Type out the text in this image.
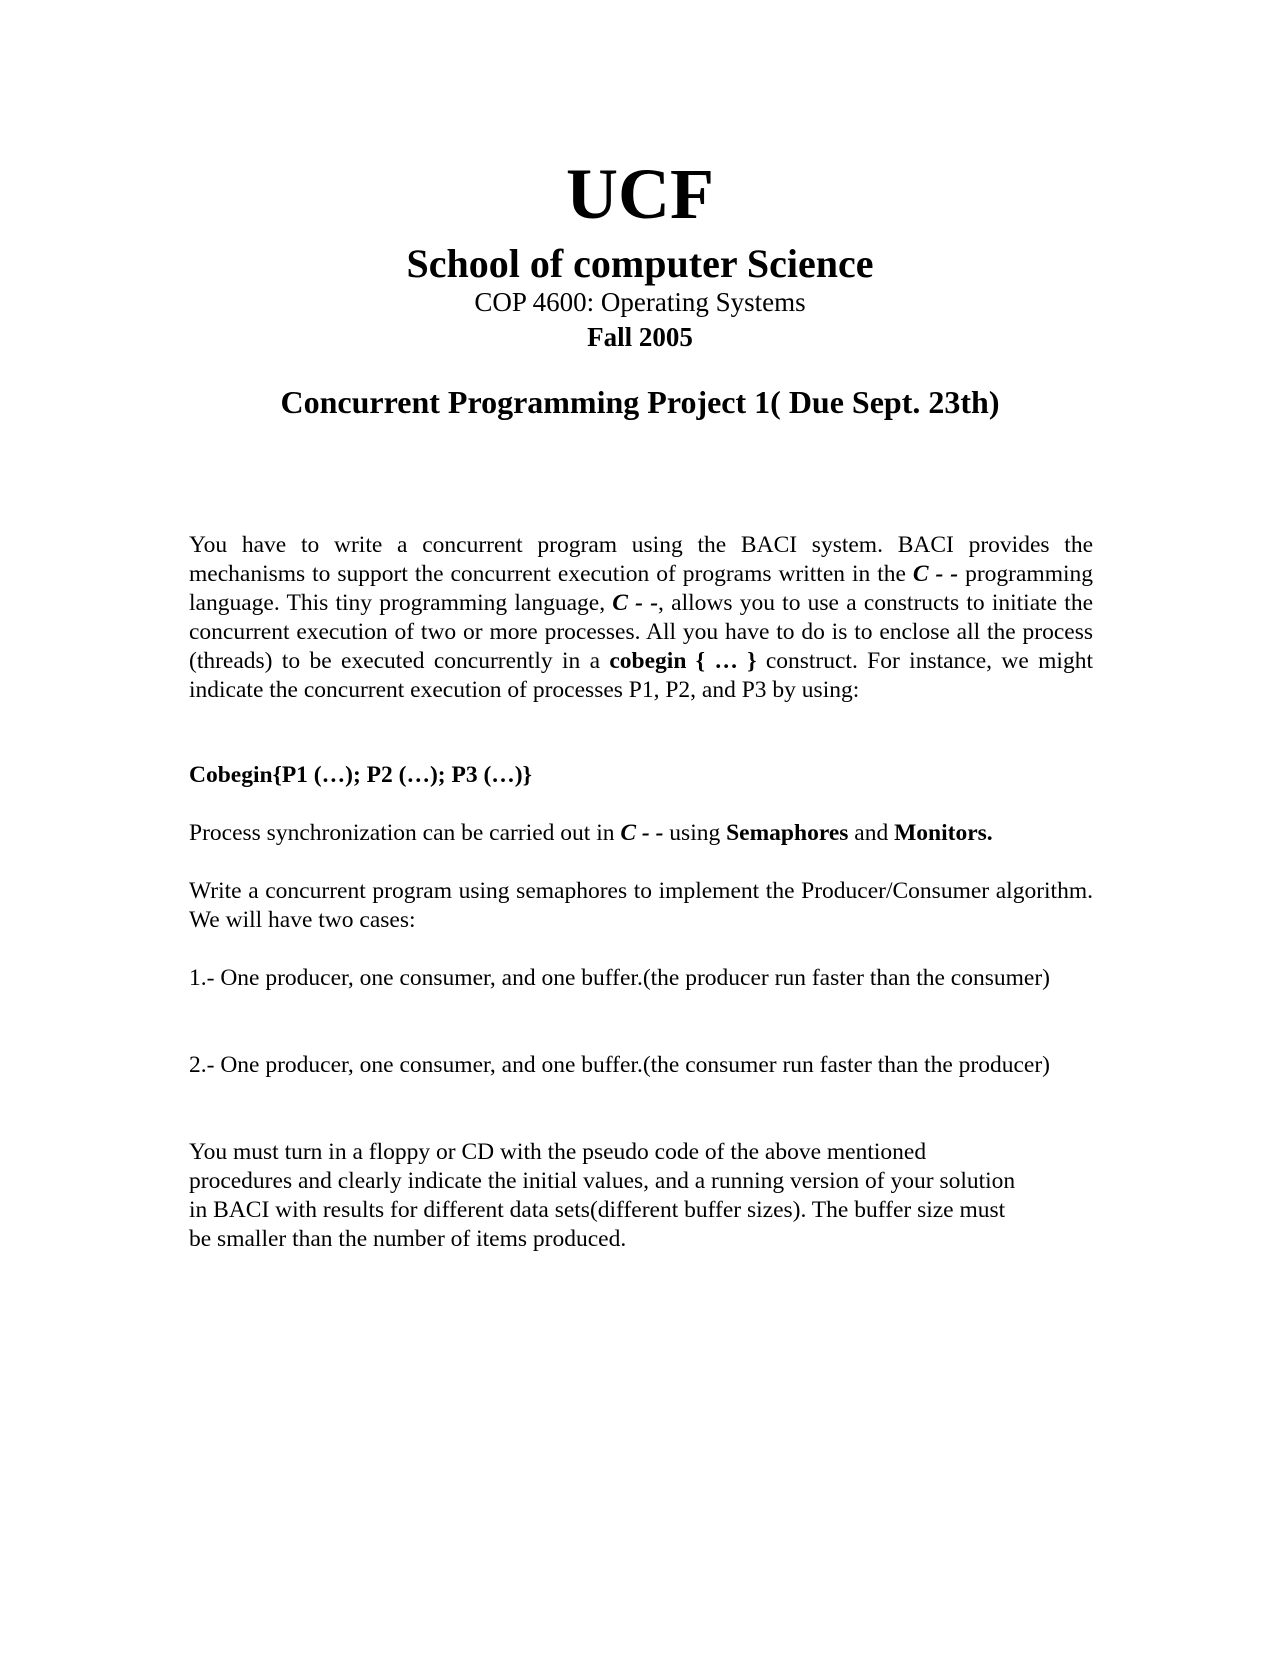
UCF
School of computer Science
COP 4600: Operating Systems
Fall 2005
Concurrent Programming Project 1( Due Sept. 23th)

You have to write a concurrent program using the BACI system. BACI provides the mechanisms to support the concurrent execution of programs written in the C - - programming language. This tiny programming language, C - -, allows you to use a constructs to initiate the concurrent execution of two or more processes. All you have to do is to enclose all the process (threads) to be executed concurrently in a cobegin { … } construct. For instance, we might indicate the concurrent execution of processes P1, P2, and P3 by using:

Cobegin{P1 (…); P2 (…); P3 (…)}

Process synchronization can be carried out in C - - using Semaphores and Monitors.

Write a concurrent program using semaphores to implement the Producer/Consumer algorithm. We will have two cases:

1.- One producer, one consumer, and one buffer.(the producer run faster than the consumer)

2.- One producer, one consumer, and one buffer.(the consumer run faster than the producer)

You must turn in a floppy or CD with the pseudo code of the above mentioned
procedures and clearly indicate the initial values, and a running version of your solution
in BACI with results for different data sets(different buffer sizes). The buffer size must
be smaller than the number of items produced.
